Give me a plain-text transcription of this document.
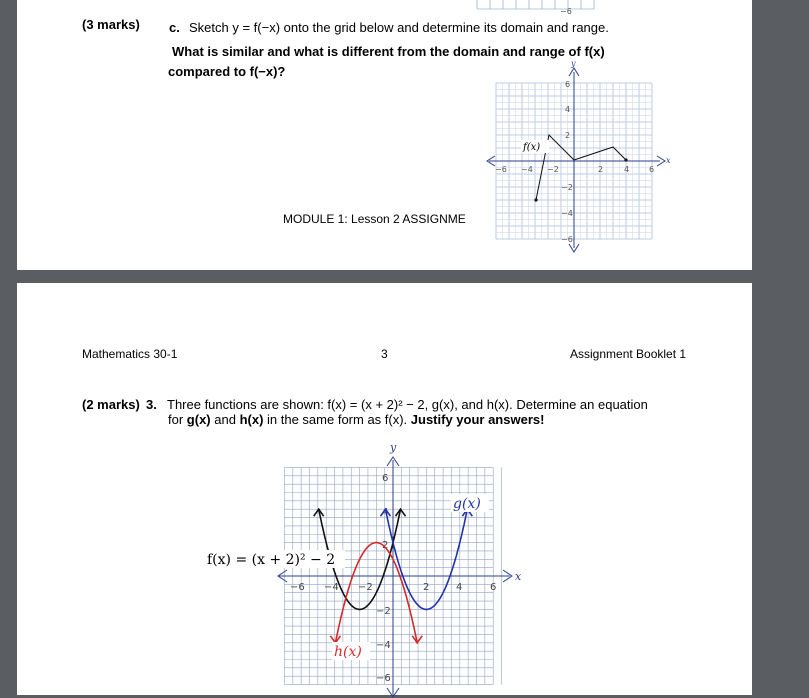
(3 marks) c. Sketch y = f(−x) onto the grid below and determine its domain and range.
What is similar and what is different from the domain and range of f(x)
compared to f(−x)?
MODULE 1: Lesson 2 ASSIGNME
−6
x
y
−6 −4 −2	2	4 6
6
4
2
−2
−4
−6
f(x)
Mathematics 30-1	3	Assignment Booklet 1
(2 marks) 3. Three functions are shown: f(x) = (x + 2)² − 2, g(x), and h(x). Determine an equation
for g(x) and h(x) in the same form as f(x). Justify your answers!
x
y
−6 −4 −2	2	4	6
6
4
2
−2
−4
−6
f(x) = (x + 2)² − 2
g(x)
h(x)
